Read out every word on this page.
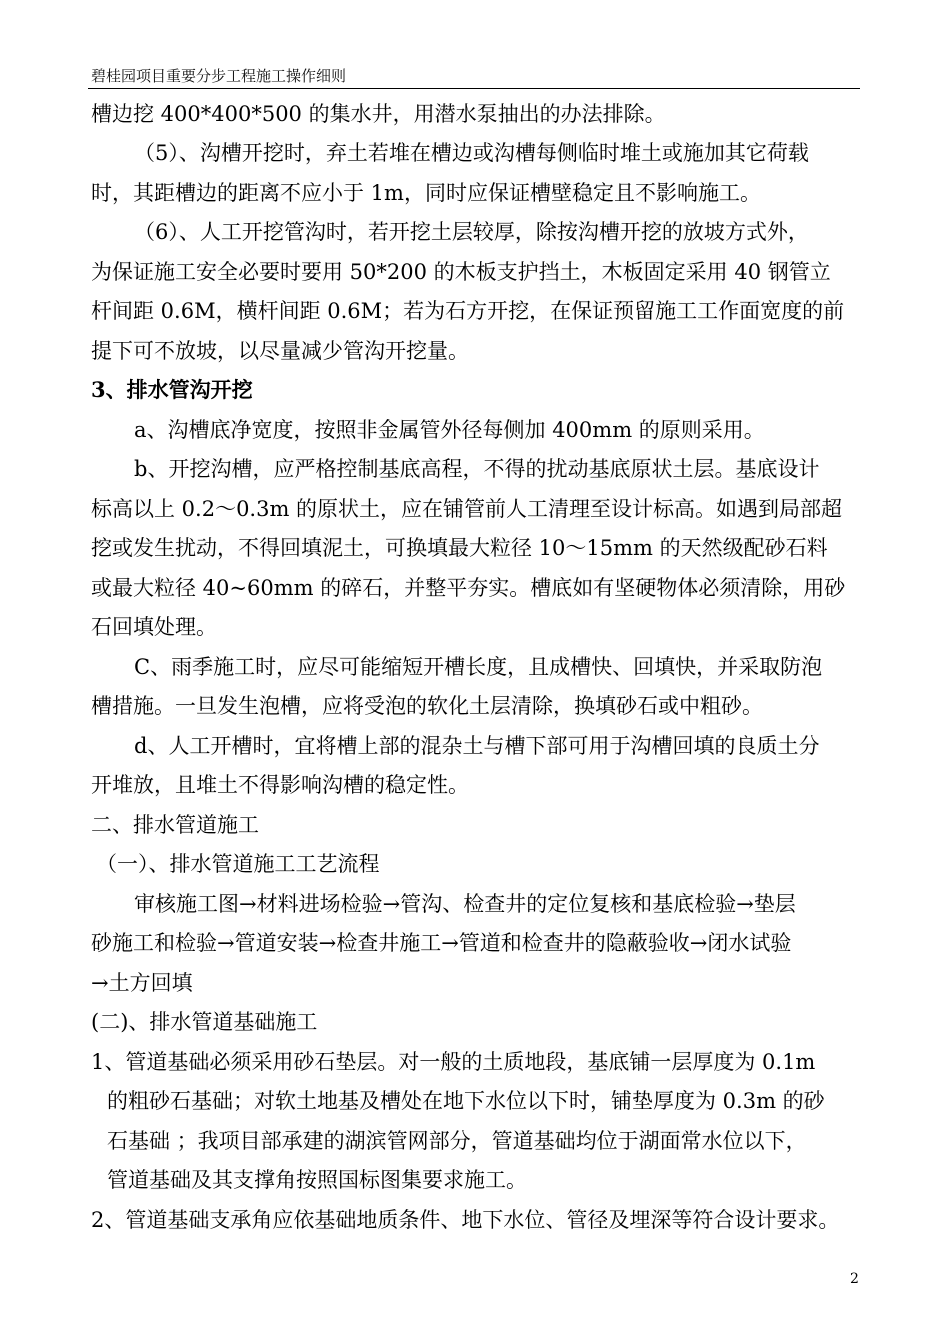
碧桂园项目重要分步工程施工操作细则
槽边挖 400*400*500 的集水井，用潜水泵抽出的办法排除。
（5）、沟槽开挖时，弃土若堆在槽边或沟槽每侧临时堆土或施加其它荷载
时，其距槽边的距离不应小于 1m，同时应保证槽壁稳定且不影响施工。
（6）、人工开挖管沟时，若开挖土层较厚，除按沟槽开挖的放坡方式外，
为保证施工安全必要时要用 50*200 的木板支护挡土，木板固定采用 40 钢管立
杆间距 0.6M，横杆间距 0.6M；若为石方开挖，在保证预留施工工作面宽度的前
提下可不放坡，以尽量减少管沟开挖量。
3、排水管沟开挖
a、沟槽底净宽度，按照非金属管外径每侧加 400mm 的原则采用。
b、开挖沟槽，应严格控制基底高程，不得的扰动基底原状土层。基底设计
标高以上 0.2～0.3m 的原状土，应在铺管前人工清理至设计标高。如遇到局部超
挖或发生扰动，不得回填泥土，可换填最大粒径 10～15mm 的天然级配砂石料
或最大粒径 40~60mm 的碎石，并整平夯实。槽底如有坚硬物体必须清除，用砂
石回填处理。
C、雨季施工时，应尽可能缩短开槽长度，且成槽快、回填快，并采取防泡
槽措施。一旦发生泡槽，应将受泡的软化土层清除，换填砂石或中粗砂。
d、人工开槽时，宜将槽上部的混杂土与槽下部可用于沟槽回填的良质土分
开堆放，且堆土不得影响沟槽的稳定性。
二、排水管道施工
（一）、排水管道施工工艺流程
审核施工图→材料进场检验→管沟、检查井的定位复核和基底检验→垫层
砂施工和检验→管道安装→检查井施工→管道和检查井的隐蔽验收→闭水试验
→土方回填
(二)、排水管道基础施工
1、管道基础必须采用砂石垫层。对一般的土质地段，基底铺一层厚度为 0.1m
的粗砂石基础；对软土地基及槽处在地下水位以下时，铺垫厚度为 0.3m 的砂
石基础 ；我项目部承建的湖滨管网部分，管道基础均位于湖面常水位以下，
管道基础及其支撑角按照国标图集要求施工。
2、管道基础支承角应依基础地质条件、地下水位、管径及埋深等符合设计要求。
2
